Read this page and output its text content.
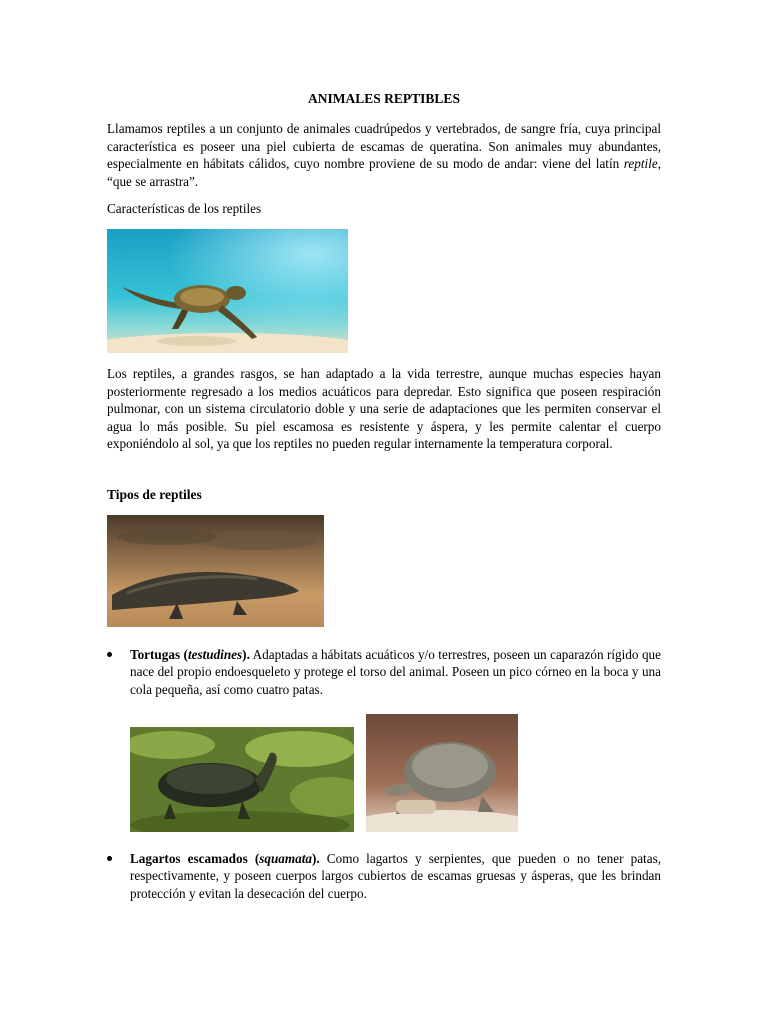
ANIMALES REPTIBLES

Llamamos reptiles a un conjunto de animales cuadrúpedos y vertebrados, de sangre fría, cuya principal característica es poseer una piel cubierta de escamas de queratina. Son animales muy abundantes, especialmente en hábitats cálidos, cuyo nombre proviene de su modo de andar: viene del latín reptile, “que se arrastra”.

Características de los reptiles

Los reptiles, a grandes rasgos, se han adaptado a la vida terrestre, aunque muchas especies hayan posteriormente regresado a los medios acuáticos para depredar. Esto significa que poseen respiración pulmonar, con un sistema circulatorio doble y una serie de adaptaciones que les permiten conservar el agua lo más posible. Su piel escamosa es resistente y áspera, y les permite calentar el cuerpo exponiéndolo al sol, ya que los reptiles no pueden regular internamente la temperatura corporal.

Tipos de reptiles
Tortugas (testudines). Adaptadas a hábitats acuáticos y/o terrestres, poseen un caparazón rígido que nace del propio endoesqueleto y protege el torso del animal. Poseen un pico córneo en la boca y una cola pequeña, así como cuatro patas.
Lagartos escamados (squamata). Como lagartos y serpientes, que pueden o no tener patas, respectivamente, y poseen cuerpos largos cubiertos de escamas gruesas y ásperas, que les brindan protección y evitan la desecación del cuerpo.
